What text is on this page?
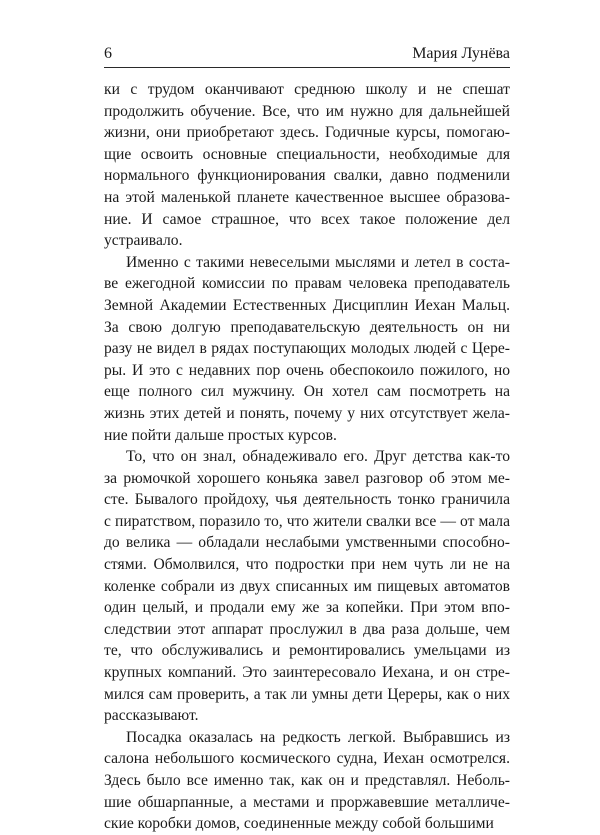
6	Мария Лунёва

ки с трудом оканчивают среднюю школу и не спешат
продолжить обучение. Все, что им нужно для дальнейшей
жизни, они приобретают здесь. Годичные курсы, помогаю-
щие освоить основные специальности, необходимые для
нормального функционирования свалки, давно подменили
на этой маленькой планете качественное высшее образова-
ние. И самое страшное, что всех такое положение дел
устраивало.

Именно с такими невеселыми мыслями и летел в соста-
ве ежегодной комиссии по правам человека преподаватель
Земной Академии Естественных Дисциплин Иехан Мальц.
За свою долгую преподавательскую деятельность он ни
разу не видел в рядах поступающих молодых людей с Цере-
ры. И это с недавних пор очень обеспокоило пожилого, но
еще полного сил мужчину. Он хотел сам посмотреть на
жизнь этих детей и понять, почему у них отсутствует жела-
ние пойти дальше простых курсов.

То, что он знал, обнадеживало его. Друг детства как-то
за рюмочкой хорошего коньяка завел разговор об этом ме-
сте. Бывалого пройдоху, чья деятельность тонко граничила
с пиратством, поразило то, что жители свалки все — от мала
до велика — обладали неслабыми умственными способно-
стями. Обмолвился, что подростки при нем чуть ли не на
коленке собрали из двух списанных им пищевых автоматов
один целый, и продали ему же за копейки. При этом впо-
следствии этот аппарат прослужил в два раза дольше, чем
те, что обслуживались и ремонтировались умельцами из
крупных компаний. Это заинтересовало Иехана, и он стре-
мился сам проверить, а так ли умны дети Цереры, как о них
рассказывают.

Посадка оказалась на редкость легкой. Выбравшись из
салона небольшого космического судна, Иехан осмотрелся.
Здесь было все именно так, как он и представлял. Неболь-
шие обшарпанные, а местами и проржавевшие металличе-
ские коробки домов, соединенные между собой большими
